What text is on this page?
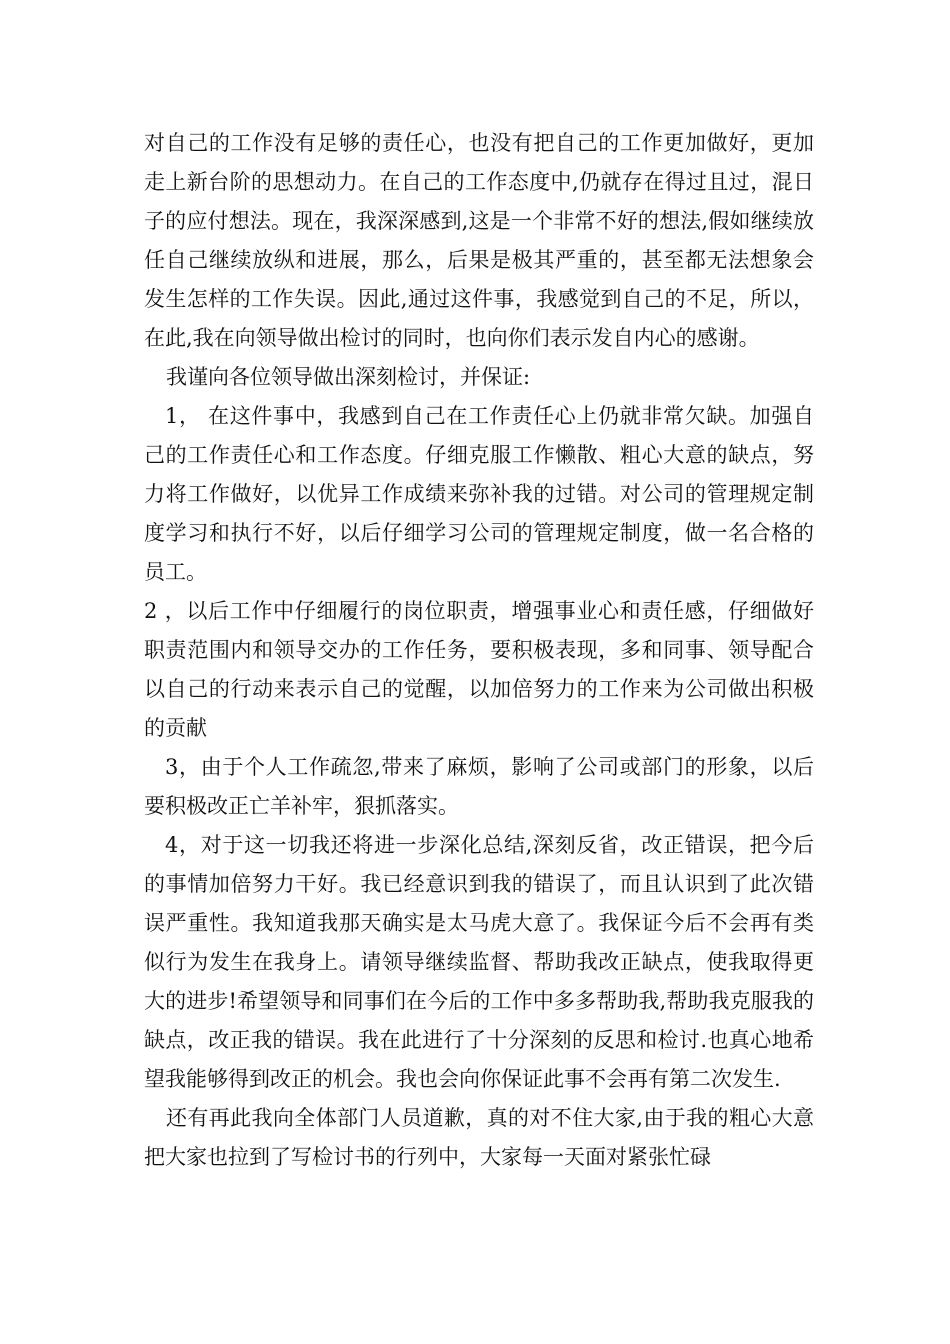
对自己的工作没有足够的责任心，也没有把自己的工作更加做好，更加走上新台阶的思想动力。在自己的工作态度中,仍就存在得过且过，混日子的应付想法。现在，我深深感到,这是一个非常不好的想法,假如继续放任自己继续放纵和进展，那么，后果是极其严重的，甚至都无法想象会发生怎样的工作失误。因此,通过这件事，我感觉到自己的不足，所以，在此,我在向领导做出检讨的同时，也向你们表示发自内心的感谢。

我谨向各位领导做出深刻检讨，并保证:

1， 在这件事中，我感到自己在工作责任心上仍就非常欠缺。加强自己的工作责任心和工作态度。仔细克服工作懒散、粗心大意的缺点，努力将工作做好，以优异工作成绩来弥补我的过错。对公司的管理规定制度学习和执行不好，以后仔细学习公司的管理规定制度，做一名合格的员工。

2 ，以后工作中仔细履行的岗位职责，增强事业心和责任感，仔细做好职责范围内和领导交办的工作任务，要积极表现，多和同事、领导配合以自己的行动来表示自己的觉醒，以加倍努力的工作来为公司做出积极的贡献

3，由于个人工作疏忽,带来了麻烦，影响了公司或部门的形象，以后要积极改正亡羊补牢，狠抓落实。

4，对于这一切我还将进一步深化总结,深刻反省，改正错误，把今后的事情加倍努力干好。我已经意识到我的错误了，而且认识到了此次错误严重性。我知道我那天确实是太马虎大意了。我保证今后不会再有类似行为发生在我身上。请领导继续监督、帮助我改正缺点，使我取得更大的进步!希望领导和同事们在今后的工作中多多帮助我,帮助我克服我的缺点，改正我的错误。我在此进行了十分深刻的反思和检讨.也真心地希望我能够得到改正的机会。我也会向你保证此事不会再有第二次发生.

还有再此我向全体部门人员道歉，真的对不住大家,由于我的粗心大意把大家也拉到了写检讨书的行列中，大家每一天面对紧张忙碌
